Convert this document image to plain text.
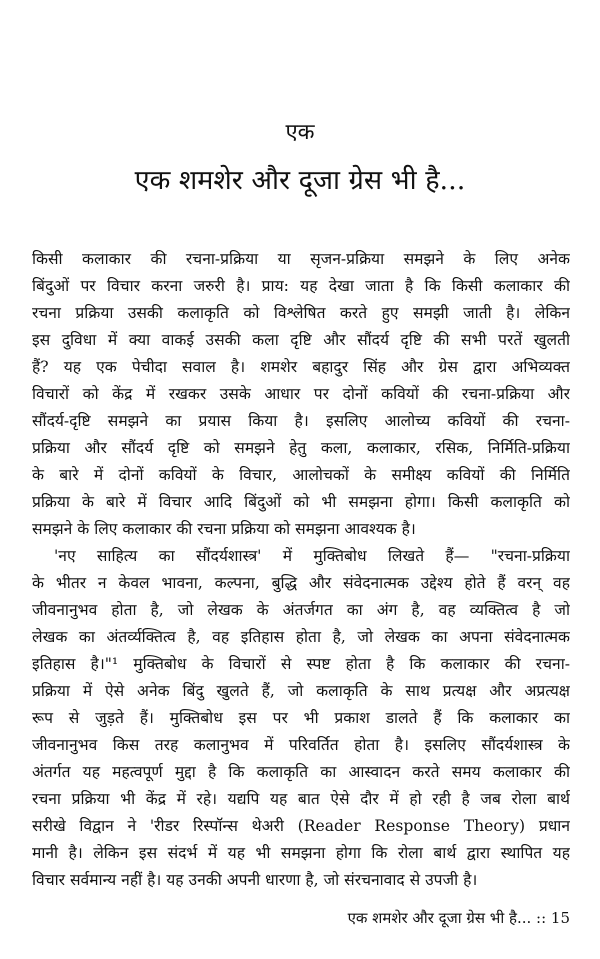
एक
एक शमशेर और दूजा ग्रेस भी है...
किसी कलाकार की रचना-प्रक्रिया या सृजन-प्रक्रिया समझने के लिए अनेक
बिंदुओं पर विचार करना जरुरी है। प्राय: यह देखा जाता है कि किसी कलाकार की
रचना प्रक्रिया उसकी कलाकृति को विश्लेषित करते हुए समझी जाती है। लेकिन
इस दुविधा में क्या वाकई उसकी कला दृष्टि और सौंदर्य दृष्टि की सभी परतें खुलती
हैं? यह एक पेचीदा सवाल है। शमशेर बहादुर सिंह और ग्रेस द्वारा अभिव्यक्त
विचारों को केंद्र में रखकर उसके आधार पर दोनों कवियों की रचना-प्रक्रिया और
सौंदर्य-दृष्टि समझने का प्रयास किया है। इसलिए आलोच्य कवियों की रचना-
प्रक्रिया और सौंदर्य दृष्टि को समझने हेतु कला, कलाकार, रसिक, निर्मिति-प्रक्रिया
के बारे में दोनों कवियों के विचार, आलोचकों के समीक्ष्य कवियों की निर्मिति
प्रक्रिया के बारे में विचार आदि बिंदुओं को भी समझना होगा। किसी कलाकृति को
समझने के लिए कलाकार की रचना प्रक्रिया को समझना आवश्यक है।
'नए साहित्य का सौंदर्यशास्त्र' में मुक्तिबोध लिखते हैं— "रचना-प्रक्रिया
के भीतर न केवल भावना, कल्पना, बुद्धि और संवेदनात्मक उद्देश्य होते हैं वरन् वह
जीवनानुभव होता है, जो लेखक के अंतर्जगत का अंग है, वह व्यक्तित्व है जो
लेखक का अंतर्व्यक्तित्व है, वह इतिहास होता है, जो लेखक का अपना संवेदनात्मक
इतिहास है।"¹ मुक्तिबोध के विचारों से स्पष्ट होता है कि कलाकार की रचना-
प्रक्रिया में ऐसे अनेक बिंदु खुलते हैं, जो कलाकृति के साथ प्रत्यक्ष और अप्रत्यक्ष
रूप से जुड़ते हैं। मुक्तिबोध इस पर भी प्रकाश डालते हैं कि कलाकार का
जीवनानुभव किस तरह कलानुभव में परिवर्तित होता है। इसलिए सौंदर्यशास्त्र के
अंतर्गत यह महत्वपूर्ण मुद्दा है कि कलाकृति का आस्वादन करते समय कलाकार की
रचना प्रक्रिया भी केंद्र में रहे। यद्यपि यह बात ऐसे दौर में हो रही है जब रोला बार्थ
सरीखे विद्वान ने 'रीडर रिस्पॉन्स थेअरी (Reader Response Theory) प्रधान
मानी है। लेकिन इस संदर्भ में यह भी समझना होगा कि रोला बार्थ द्वारा स्थापित यह
विचार सर्वमान्य नहीं है। यह उनकी अपनी धारणा है, जो संरचनावाद से उपजी है।
एक शमशेर और दूजा ग्रेस भी है... :: 15
